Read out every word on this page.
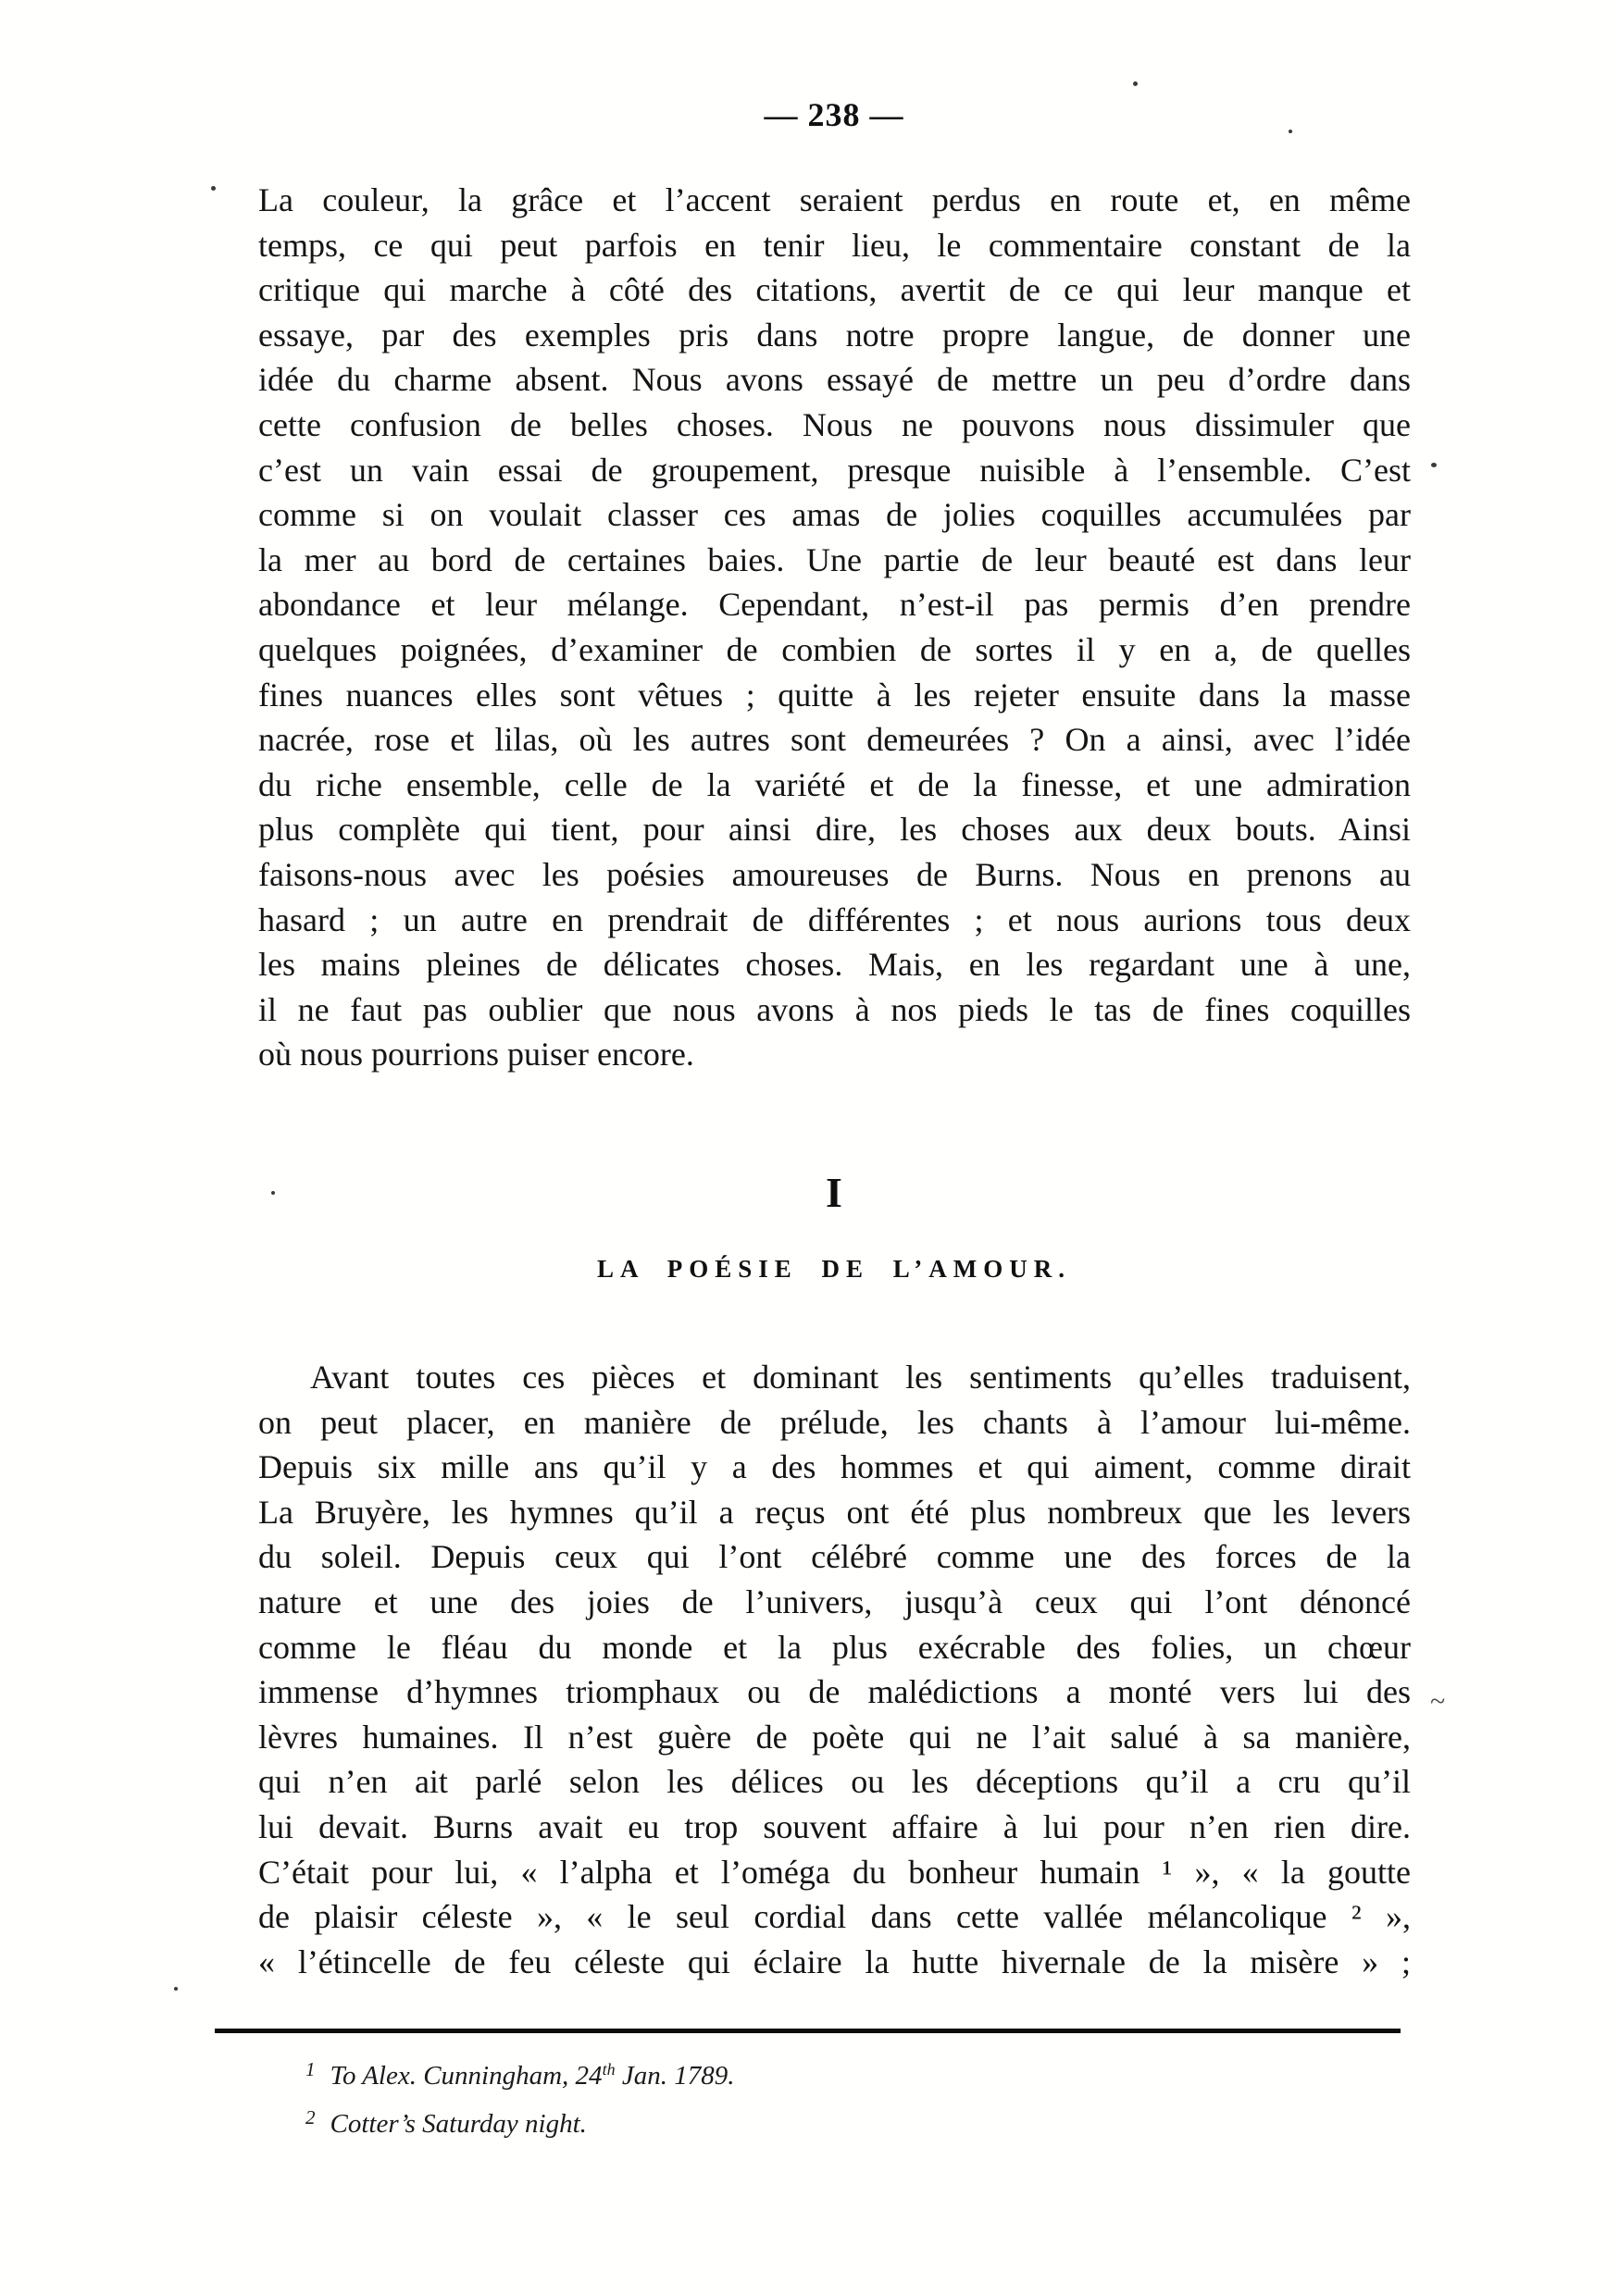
— 238 —
La couleur, la grâce et l’accent seraient perdus en route et, en même
temps, ce qui peut parfois en tenir lieu, le commentaire constant de la
critique qui marche à côté des citations, avertit de ce qui leur manque et
essaye, par des exemples pris dans notre propre langue, de donner une
idée du charme absent. Nous avons essayé de mettre un peu d’ordre dans
cette confusion de belles choses. Nous ne pouvons nous dissimuler que
c’est un vain essai de groupement, presque nuisible à l’ensemble. C’est
comme si on voulait classer ces amas de jolies coquilles accumulées par
la mer au bord de certaines baies. Une partie de leur beauté est dans leur
abondance et leur mélange. Cependant, n’est-il pas permis d’en prendre
quelques poignées, d’examiner de combien de sortes il y en a, de quelles
fines nuances elles sont vêtues ; quitte à les rejeter ensuite dans la masse
nacrée, rose et lilas, où les autres sont demeurées ? On a ainsi, avec l’idée
du riche ensemble, celle de la variété et de la finesse, et une admiration
plus complète qui tient, pour ainsi dire, les choses aux deux bouts. Ainsi
faisons-nous avec les poésies amoureuses de Burns. Nous en prenons au
hasard ; un autre en prendrait de différentes ; et nous aurions tous deux
les mains pleines de délicates choses. Mais, en les regardant une à une,
il ne faut pas oublier que nous avons à nos pieds le tas de fines coquilles
où nous pourrions puiser encore.
I
LA POÉSIE DE L’AMOUR.
Avant toutes ces pièces et dominant les sentiments qu’elles traduisent,
on peut placer, en manière de prélude, les chants à l’amour lui-même.
Depuis six mille ans qu’il y a des hommes et qui aiment, comme dirait
La Bruyère, les hymnes qu’il a reçus ont été plus nombreux que les levers
du soleil. Depuis ceux qui l’ont célébré comme une des forces de la
nature et une des joies de l’univers, jusqu’à ceux qui l’ont dénoncé
comme le fléau du monde et la plus exécrable des folies, un chœur
immense d’hymnes triomphaux ou de malédictions a monté vers lui des
lèvres humaines. Il n’est guère de poète qui ne l’ait salué à sa manière,
qui n’en ait parlé selon les délices ou les déceptions qu’il a cru qu’il
lui devait. Burns avait eu trop souvent affaire à lui pour n’en rien dire.
C’était pour lui, « l’alpha et l’oméga du bonheur humain ¹ », « la goutte
de plaisir céleste », « le seul cordial dans cette vallée mélancolique ² »,
« l’étincelle de feu céleste qui éclaire la hutte hivernale de la misère » ;
1 To Alex. Cunningham, 24th Jan. 1789.
2 Cotter’s Saturday night.
~
